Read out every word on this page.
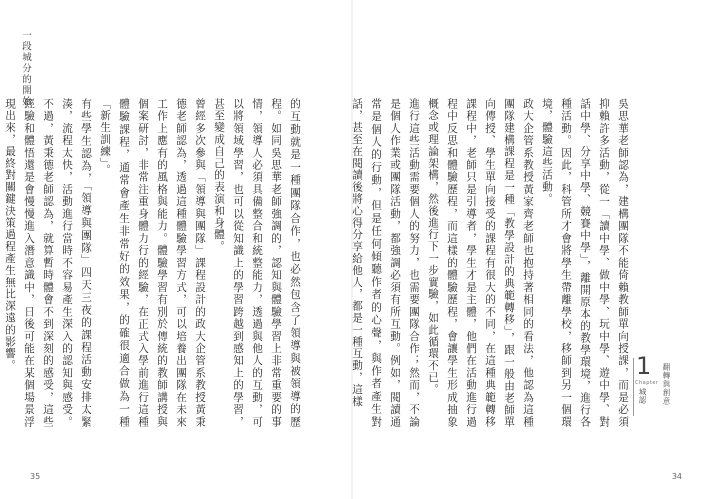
一段城分的開始

的互動就是一種團隊合作，也必然包含了領導與被領導的歷程。如同吳思華老師強調的，認知與體驗學習上非常重要的事情，領導人必須具備整合和統整能力，透過與他人的互動，可以將領域學習，也可以從知識上的學習跨越到感知上的學習，甚至變成自己的表演和身體。

曾經多次參與「領導與團隊」課程設計的政大企管系教授黃秉德老師認為，透過這種體驗學習方式，可以培養出團隊在未來工作上應有的風格與能力。體驗學習有別於傳統的教師講授與個案研討，非常注重身體力行的經驗，在正式入學前進行這種體驗課程，通常會產生非常好的效果，的確很適合做為一種「新生訓練」。

有些學生認為，「領導與團隊」四天三夜的課程活動安排太緊湊，流程太快，活動進行當時不容易產生深入的認知與感受。不過，黃秉德老師認為，就算暫時體會不到深刻的感受，這些經驗和體悟還是會慢慢進入潛意識中，日後可能在某個場景浮現出來，最終對關鍵決策過程產生無比深遠的影響。

35

吳思華老師認為，建構團隊不能倚賴教師單向授課，而是必須抑賴許多活動，從一「讀中學、做中學、玩中學、遊中學、對話中學、分享中學、競賽中學」，離開原本的教學環境，進行各種活動。因此，科管所才會將學生帶離學校，移師到另一個環境，體驗這些活動。

政大企管系教授黃家齊老師也抱持著相同的看法，他認為這種團隊建構課程是一種「教學設計的典範轉移」，跟一般由老師單向傳授、學生單向接受的課程有很大的不同，在這種典範轉移課程中，老師只是引導者，學生才是主體，他們在活動進行過程中反思和體驗歷程，而這樣的體驗歷程，會讓學生形成抽象概念或理論架構，然後進行下一步實驗，如此循環不已。

進行這些活動需要個人的努力，也需要團隊合作；然而，不論是個人作業或團隊活動，都強調必須有所互動。例如，閱讀通常是個人的行動，但是任何傾聽作者的心聲，與作者產生對話，甚至在閱讀後將心得分享給他人，都是一種互動，這樣	1
Chapter
城認 翻轉與創意
34
